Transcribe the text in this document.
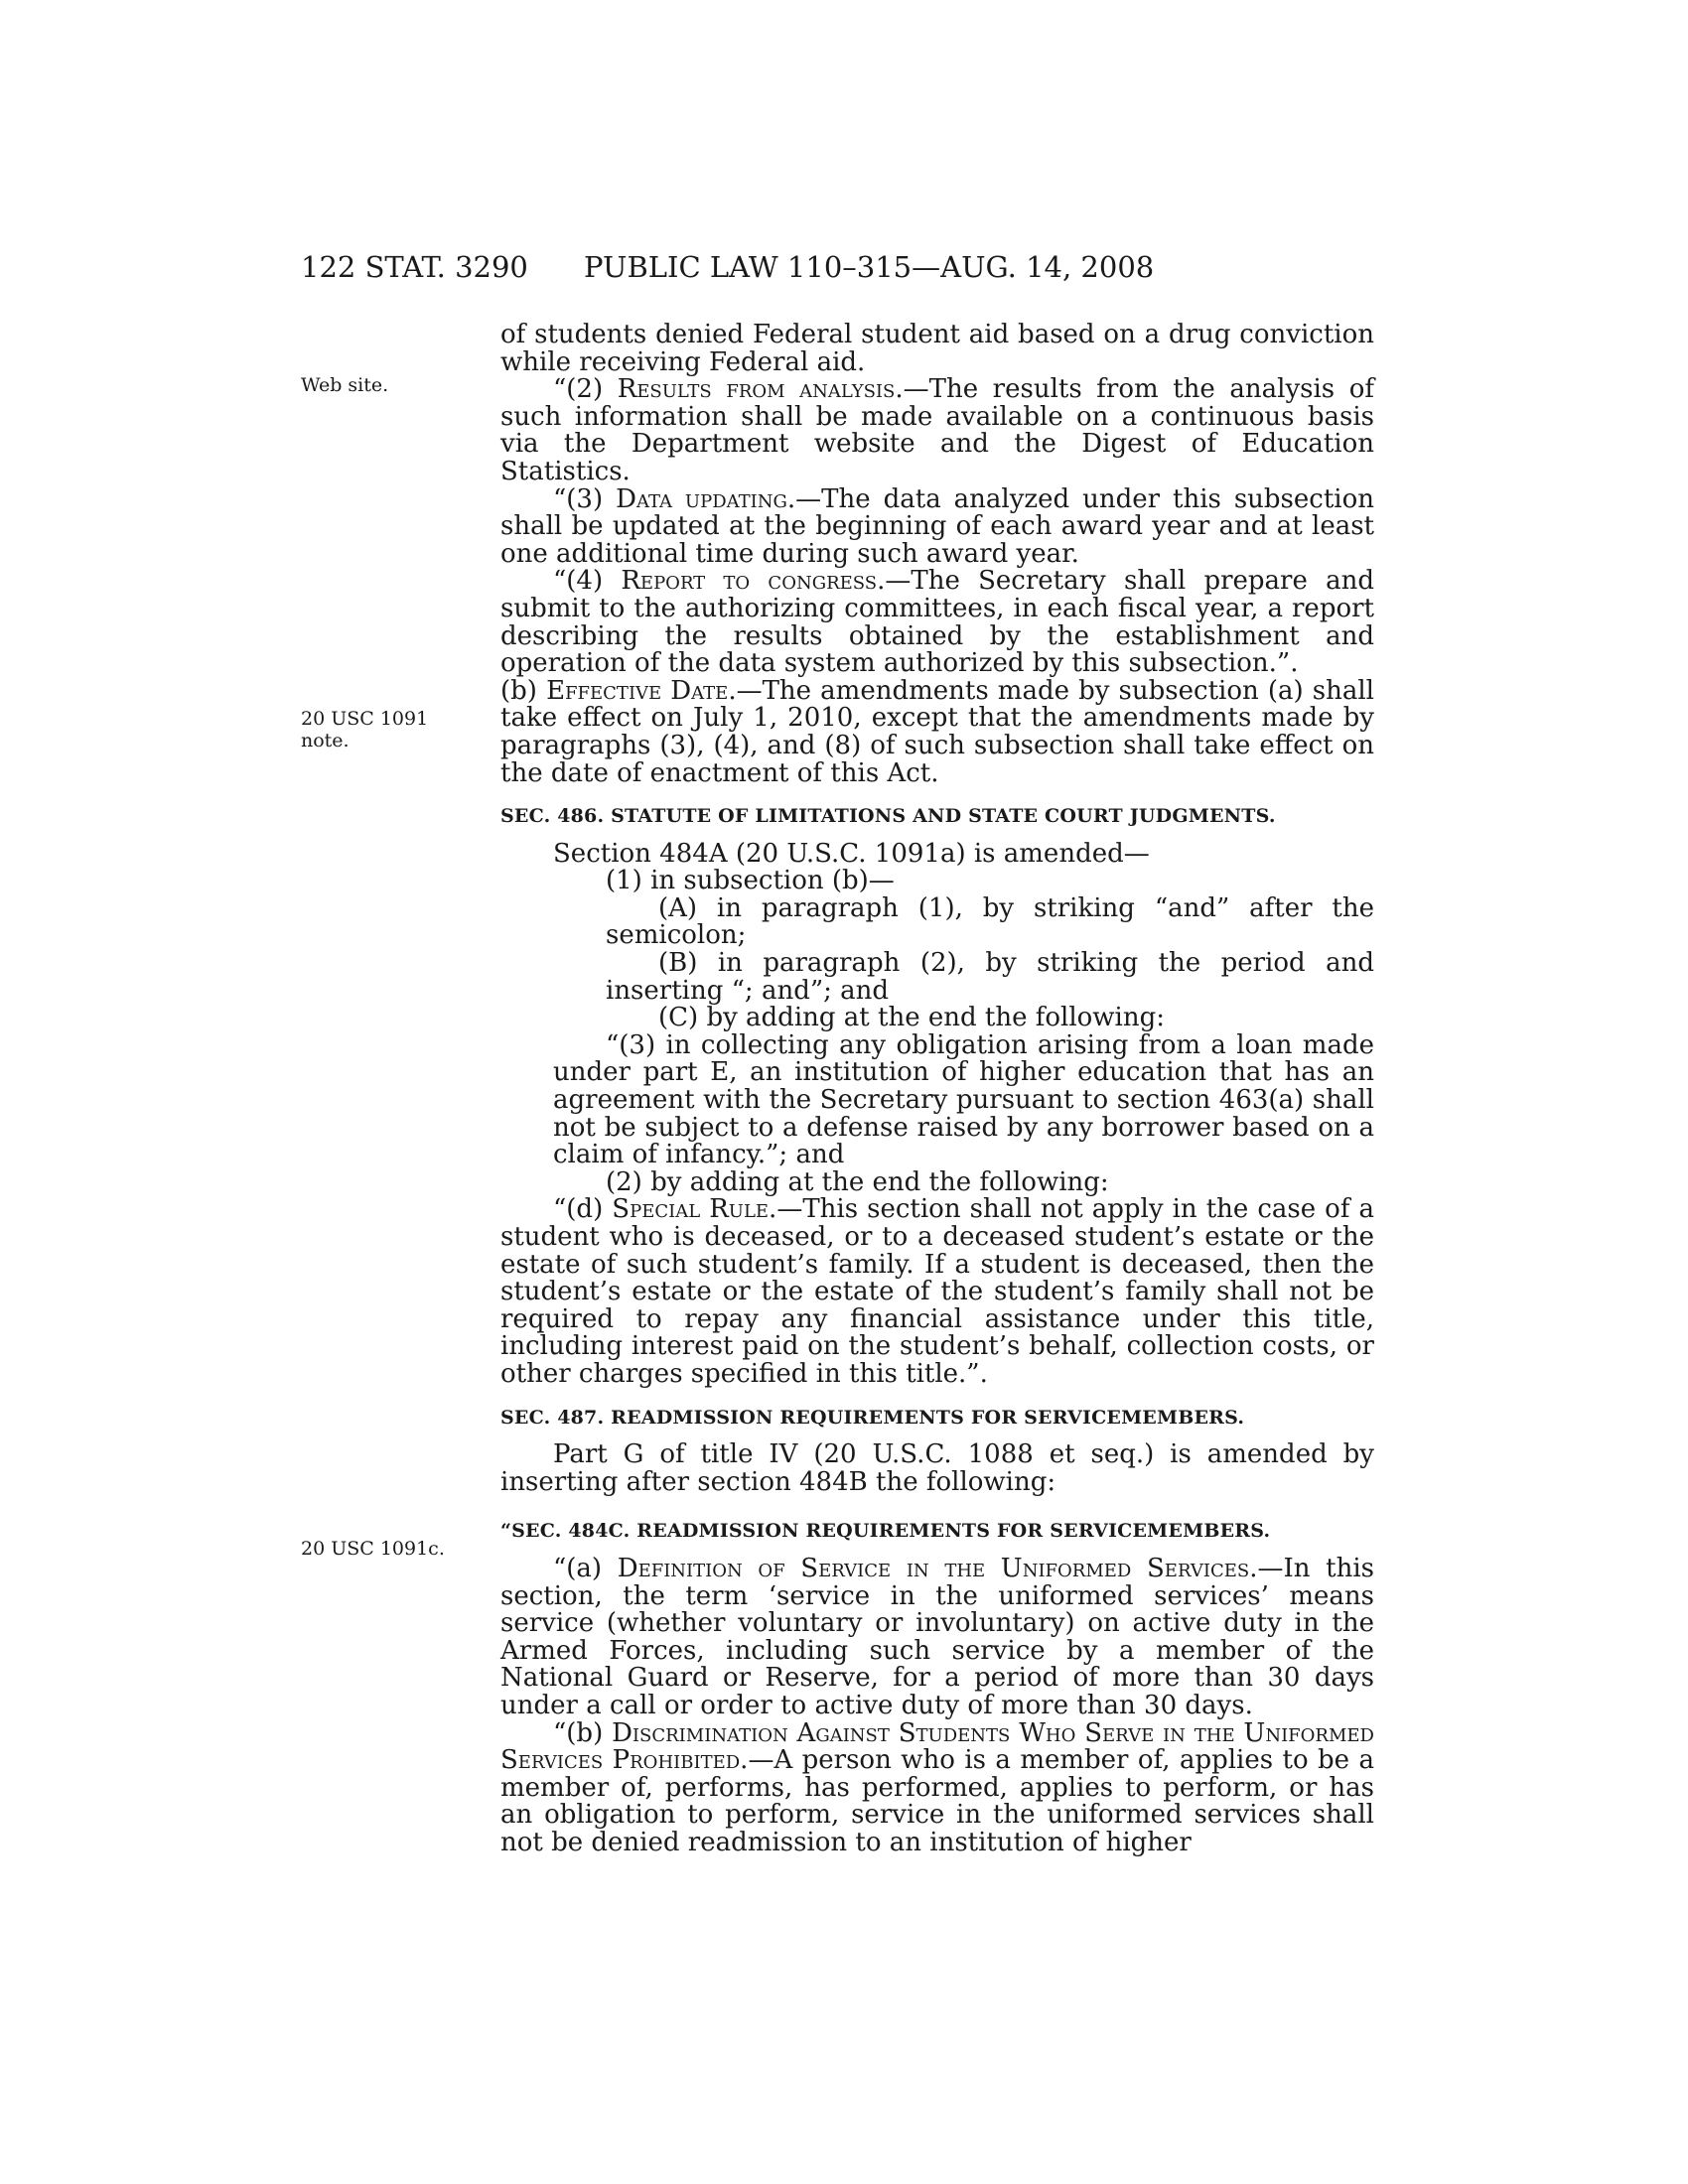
122 STAT. 3290 PUBLIC LAW 110–315—AUG. 14, 2008
Web site.
20 USC 1091
note.
20 USC 1091c.

of students denied Federal student aid based on a drug conviction while receiving Federal aid.

“(2) Results from analysis.—The results from the analysis of such information shall be made available on a continuous basis via the Department website and the Digest of Education Statistics.

“(3) Data updating.—The data analyzed under this subsection shall be updated at the beginning of each award year and at least one additional time during such award year.

“(4) Report to congress.—The Secretary shall prepare and submit to the authorizing committees, in each fiscal year, a report describing the results obtained by the establishment and operation of the data system authorized by this subsection.”.

(b) Effective Date.—The amendments made by subsection (a) shall take effect on July 1, 2010, except that the amendments made by paragraphs (3), (4), and (8) of such subsection shall take effect on the date of enactment of this Act.

SEC. 486. STATUTE OF LIMITATIONS AND STATE COURT JUDGMENTS.

Section 484A (20 U.S.C. 1091a) is amended—

(1) in subsection (b)—

(A) in paragraph (1), by striking “and” after the semicolon;

(B) in paragraph (2), by striking the period and inserting “; and”; and

(C) by adding at the end the following:

“(3) in collecting any obligation arising from a loan made under part E, an institution of higher education that has an agreement with the Secretary pursuant to section 463(a) shall not be subject to a defense raised by any borrower based on a claim of infancy.”; and

(2) by adding at the end the following:

“(d) Special Rule.—This section shall not apply in the case of a student who is deceased, or to a deceased student’s estate or the estate of such student’s family. If a student is deceased, then the student’s estate or the estate of the student’s family shall not be required to repay any financial assistance under this title, including interest paid on the student’s behalf, collection costs, or other charges specified in this title.”.

SEC. 487. READMISSION REQUIREMENTS FOR SERVICEMEMBERS.

Part G of title IV (20 U.S.C. 1088 et seq.) is amended by inserting after section 484B the following:

“SEC. 484C. READMISSION REQUIREMENTS FOR SERVICEMEMBERS.

“(a) Definition of Service in the Uniformed Services.—In this section, the term ‘service in the uniformed services’ means service (whether voluntary or involuntary) on active duty in the Armed Forces, including such service by a member of the National Guard or Reserve, for a period of more than 30 days under a call or order to active duty of more than 30 days.

“(b) Discrimination Against Students Who Serve in the Uniformed Services Prohibited.—A person who is a member of, applies to be a member of, performs, has performed, applies to perform, or has an obligation to perform, service in the uniformed services shall not be denied readmission to an institution of higher
